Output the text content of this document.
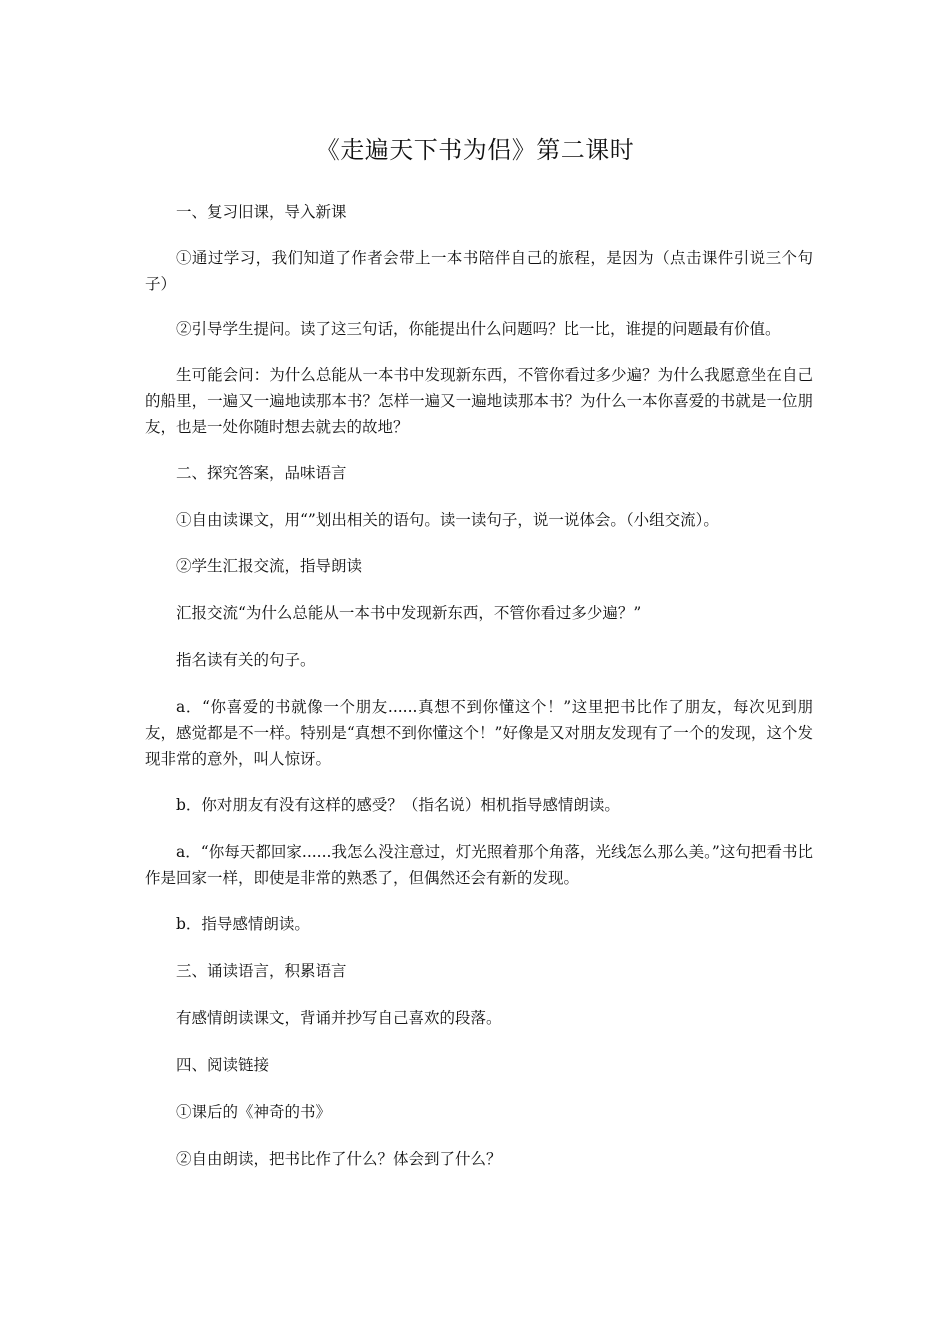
《走遍天下书为侣》第二课时

一、复习旧课，导入新课

①通过学习，我们知道了作者会带上一本书陪伴自己的旅程，是因为（点击课件引说三个句子）

②引导学生提问。读了这三句话，你能提出什么问题吗？比一比，谁提的问题最有价值。

生可能会问：为什么总能从一本书中发现新东西，不管你看过多少遍？为什么我愿意坐在自己的船里，一遍又一遍地读那本书？怎样一遍又一遍地读那本书？为什么一本你喜爱的书就是一位朋友，也是一处你随时想去就去的故地？

二、探究答案，品味语言

①自由读课文，用“”划出相关的语句。读一读句子，说一说体会。（小组交流）。

②学生汇报交流，指导朗读

汇报交流“为什么总能从一本书中发现新东西，不管你看过多少遍？”

指名读有关的句子。

a．“你喜爱的书就像一个朋友......真想不到你懂这个！”这里把书比作了朋友，每次见到朋友，感觉都是不一样。特别是“真想不到你懂这个！”好像是又对朋友发现有了一个的发现，这个发现非常的意外，叫人惊讶。

b．你对朋友有没有这样的感受？（指名说）相机指导感情朗读。

a．“你每天都回家......我怎么没注意过，灯光照着那个角落，光线怎么那么美。”这句把看书比作是回家一样，即使是非常的熟悉了，但偶然还会有新的发现。

b．指导感情朗读。

三、诵读语言，积累语言

有感情朗读课文，背诵并抄写自己喜欢的段落。

四、阅读链接

①课后的《神奇的书》

②自由朗读，把书比作了什么？体会到了什么？
